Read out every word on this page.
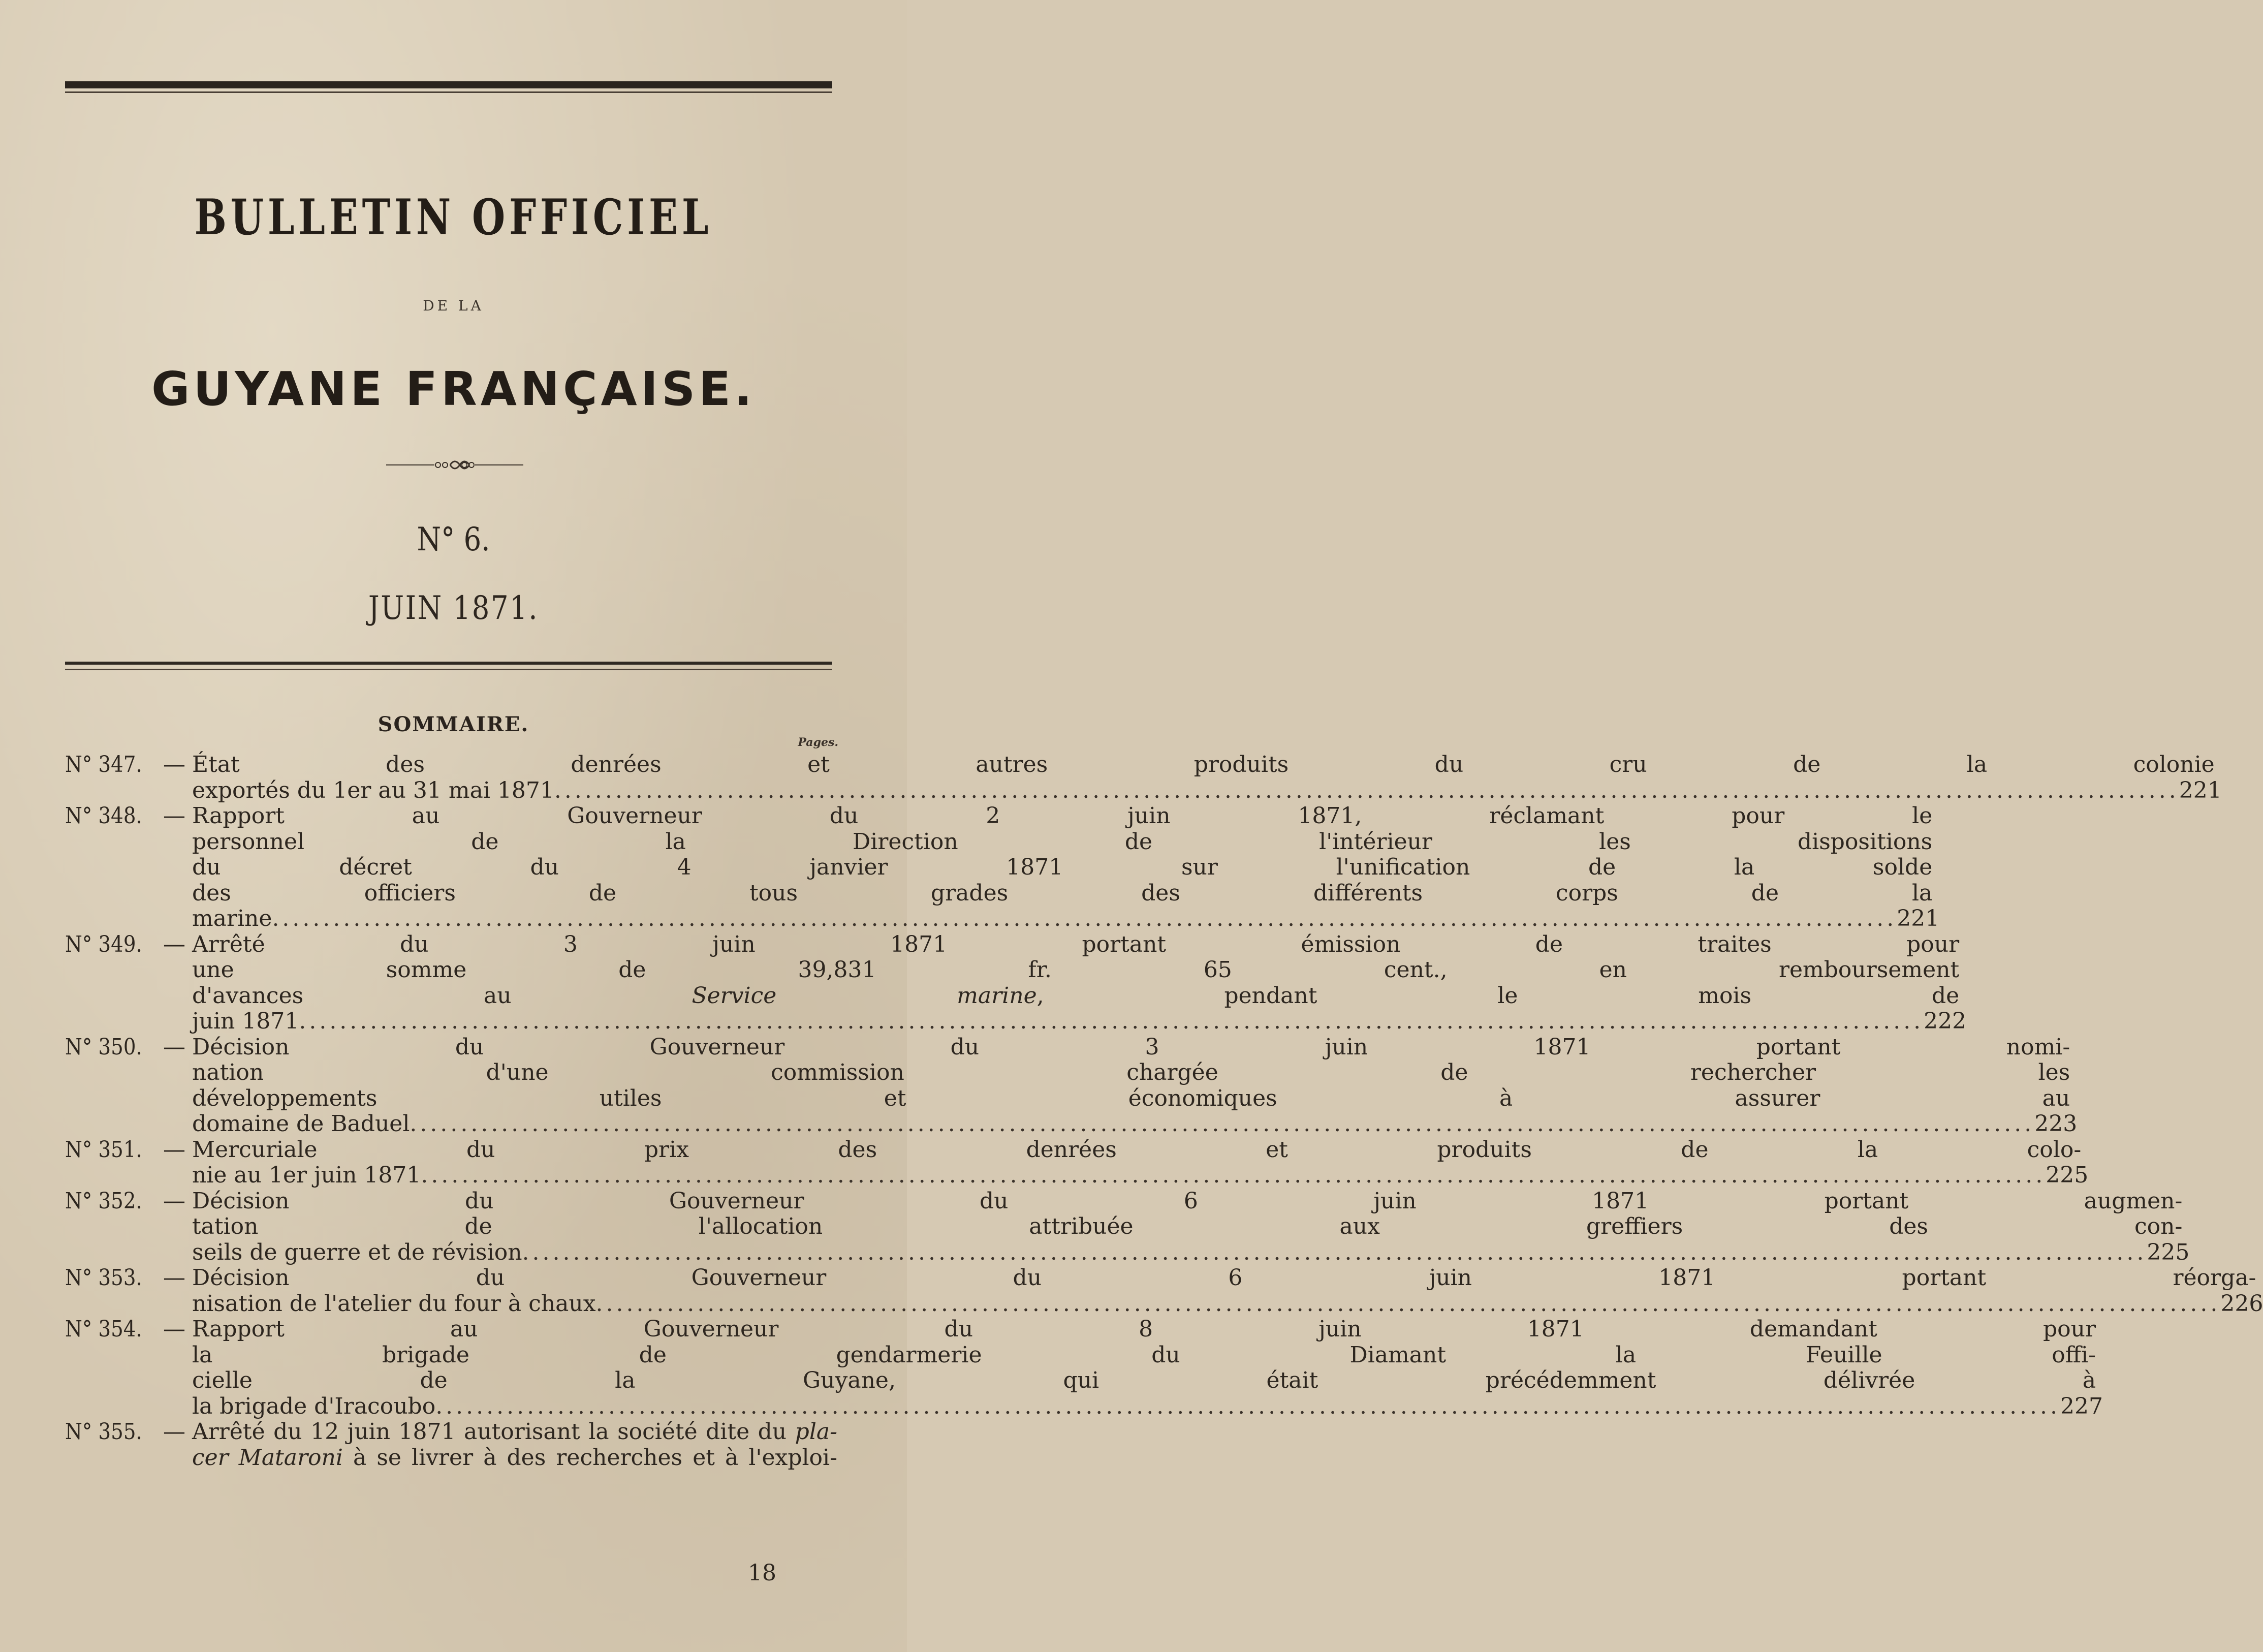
BULLETIN OFFICIEL
DE LA
GUYANE FRANÇAISE.
N° 6.
JUIN 1871.
SOMMAIRE.
Pages.
N° 347. — État des denrées et autres produits du cru de la colonie
exportés du 1er au 31 mai 1871 .....	221
N° 348. — Rapport au Gouverneur du 2 juin 1871, réclamant pour le
personnel de la Direction de l'intérieur les dispositions
du décret du 4 janvier 1871 sur l'unification de la solde
des officiers de tous grades des différents corps de la
marine .....	221
N° 349. — Arrêté du 3 juin 1871 portant émission de traites pour
une somme de 39,831 fr. 65 cent., en remboursement
d'avances au Service marine, pendant le mois de
juin 1871 .....	222
N° 350. — Décision du Gouverneur du 3 juin 1871 portant nomi-
nation d'une commission chargée de rechercher les
développements utiles et économiques à assurer au
domaine de Baduel .....	223
N° 351. — Mercuriale du prix des denrées et produits de la colo-
nie au 1er juin 1871 .....	225
N° 352. — Décision du Gouverneur du 6 juin 1871 portant augmen-
tation de l'allocation attribuée aux greffiers des con-
seils de guerre et de révision .....	225
N° 353. — Décision du Gouverneur du 6 juin 1871 portant réorga-
nisation de l'atelier du four à chaux .....	226
N° 354. — Rapport au Gouverneur du 8 juin 1871 demandant pour
la brigade de gendarmerie du Diamant la Feuille offi-
cielle de la Guyane, qui était précédemment délivrée à
la brigade d'Iracoubo .....	227
N° 355. — Arrêté du 12 juin 1871 autorisant la société dite du pla-
cer Mataroni à se livrer à des recherches et à l'exploi-
18
